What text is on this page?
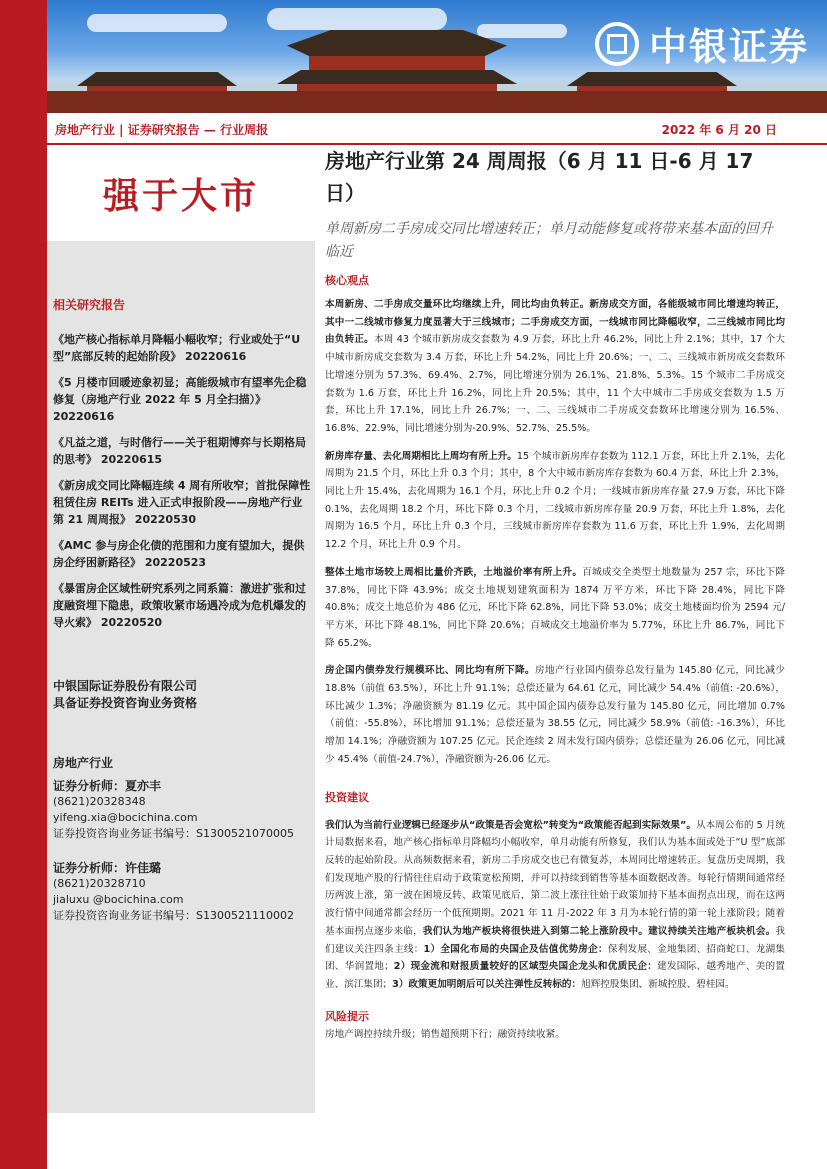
中银证券
房地产行业 | 证券研究报告 — 行业周报	2022 年 6 月 20 日
强于大市
相关研究报告
《地产核心指标单月降幅小幅收窄；行业或处于“U 型”底部反转的起始阶段》 20220616
《5 月楼市回暖迹象初显；高能级城市有望率先企稳修复（房地产行业 2022 年 5 月全扫描）》 20220616
《凡益之道，与时偕行——关于租期博弈与长期格局的思考》 20220615
《新房成交同比降幅连续 4 周有所收窄；首批保障性租赁住房 REITs 进入正式申报阶段——房地产行业第 21 周周报》 20220530
《AMC 参与房企化债的范围和力度有望加大，提供房企纾困新路径》 20220523
《暴雷房企区域性研究系列之同系篇：激进扩张和过度融资埋下隐患，政策收紧市场遇冷成为危机爆发的导火索》 20220520
中银国际证券股份有限公司
具备证券投资咨询业务资格
房地产行业
证券分析师：夏亦丰
(8621)20328348
yifeng.xia@bocichina.com
证券投资咨询业务证书编号：S1300521070005
证券分析师：许佳璐
(8621)20328710
jialuxu @bocichina.com
证券投资咨询业务证书编号：S1300521110002
房地产行业第 24 周周报（6 月 11 日-6 月 17 日）
单周新房二手房成交同比增速转正；单月动能修复或将带来基本面的回升临近
核心观点
本周新房、二手房成交量环比均继续上升，同比均由负转正。新房成交方面，各能级城市同比增速均转正，其中一二线城市修复力度显著大于三线城市；二手房成交方面，一线城市同比降幅收窄，二三线城市同比均由负转正。本周 43 个城市新房成交套数为 4.9 万套，环比上升 46.2%，同比上升 2.1%；其中，17 个大中城市新房成交套数为 3.4 万套，环比上升 54.2%，同比上升 20.6%；一、二、三线城市新房成交套数环比增速分别为 57.3%、69.4%、2.7%，同比增速分别为 26.1%、21.8%、5.3%。15 个城市二手房成交套数为 1.6 万套，环比上升 16.2%，同比上升 20.5%；其中，11 个大中城市二手房成交套数为 1.5 万套，环比上升 17.1%，同比上升 26.7%；一、二、三线城市二手房成交套数环比增速分别为 16.5%、16.8%、22.9%，同比增速分别为-20.9%、52.7%、25.5%。
新房库存量、去化周期相比上周均有所上升。15 个城市新房库存套数为 112.1 万套，环比上升 2.1%，去化周期为 21.5 个月，环比上升 0.3 个月；其中，8 个大中城市新房库存套数为 60.4 万套，环比上升 2.3%，同比上升 15.4%，去化周期为 16.1 个月，环比上升 0.2 个月；一线城市新房库存量 27.9 万套，环比下降 0.1%，去化周期 18.2 个月，环比下降 0.3 个月，二线城市新房库存量 20.9 万套，环比上升 1.8%，去化周期为 16.5 个月，环比上升 0.3 个月，三线城市新房库存套数为 11.6 万套，环比上升 1.9%，去化周期 12.2 个月，环比上升 0.9 个月。
整体土地市场较上周相比量价齐跌，土地溢价率有所上升。百城成交全类型土地数量为 257 宗，环比下降 37.8%，同比下降 43.9%；成交土地规划建筑面积为 1874 万平方米，环比下降 28.4%，同比下降 40.8%；成交土地总价为 486 亿元，环比下降 62.8%，同比下降 53.0%；成交土地楼面均价为 2594 元/平方米，环比下降 48.1%，同比下降 20.6%；百城成交土地溢价率为 5.77%，环比上升 86.7%，同比下降 65.2%。
房企国内债券发行规模环比、同比均有所下降。房地产行业国内债券总发行量为 145.80 亿元，同比减少 18.8%（前值 63.5%），环比上升 91.1%；总偿还量为 64.61 亿元，同比减少 54.4%（前值: -20.6%），环比减少 1.3%；净融资额为 81.19 亿元。其中国企国内债券总发行量为 145.80 亿元，同比增加 0.7%（前值：-55.8%），环比增加 91.1%；总偿还量为 38.55 亿元，同比减少 58.9%（前值: -16.3%），环比增加 14.1%；净融资额为 107.25 亿元。民企连续 2 周未发行国内债券；总偿还量为 26.06 亿元，同比减少 45.4%（前值-24.7%），净融资额为-26.06 亿元。
投资建议
我们认为当前行业逻辑已经逐步从“政策是否会宽松”转变为“政策能否起到实际效果”。从本周公布的 5 月统计局数据来看，地产核心指标单月降幅均小幅收窄，单月动能有所修复，我们认为基本面或处于“U 型”底部反转的起始阶段。从高频数据来看，新房二手房成交也已有微复苏，本周同比增速转正。复盘历史周期，我们发现地产股的行情往往启动于政策宽松预期，并可以持续到销售等基本面数据改善。每轮行情期间通常经历两波上涨，第一波在困境反转、政策见底后，第二波上涨往往始于政策加持下基本面拐点出现，而在这两波行情中间通常都会经历一个低预期期。2021 年 11 月-2022 年 3 月为本轮行情的第一轮上涨阶段；随着基本面拐点逐步来临，我们认为地产板块将很快进入到第二轮上涨阶段中。建议持续关注地产板块机会。我们建议关注四条主线：1）全国化布局的央国企及估值优势房企：保利发展、金地集团、招商蛇口、龙湖集团、华润置地；2）现金流和财报质量较好的区域型央国企龙头和优质民企：建发国际、越秀地产、美的置业、滨江集团；3）政策更加明朗后可以关注弹性反转标的：旭辉控股集团、新城控股、碧桂园。
风险提示
房地产调控持续升级；销售超预期下行；融资持续收紧。
